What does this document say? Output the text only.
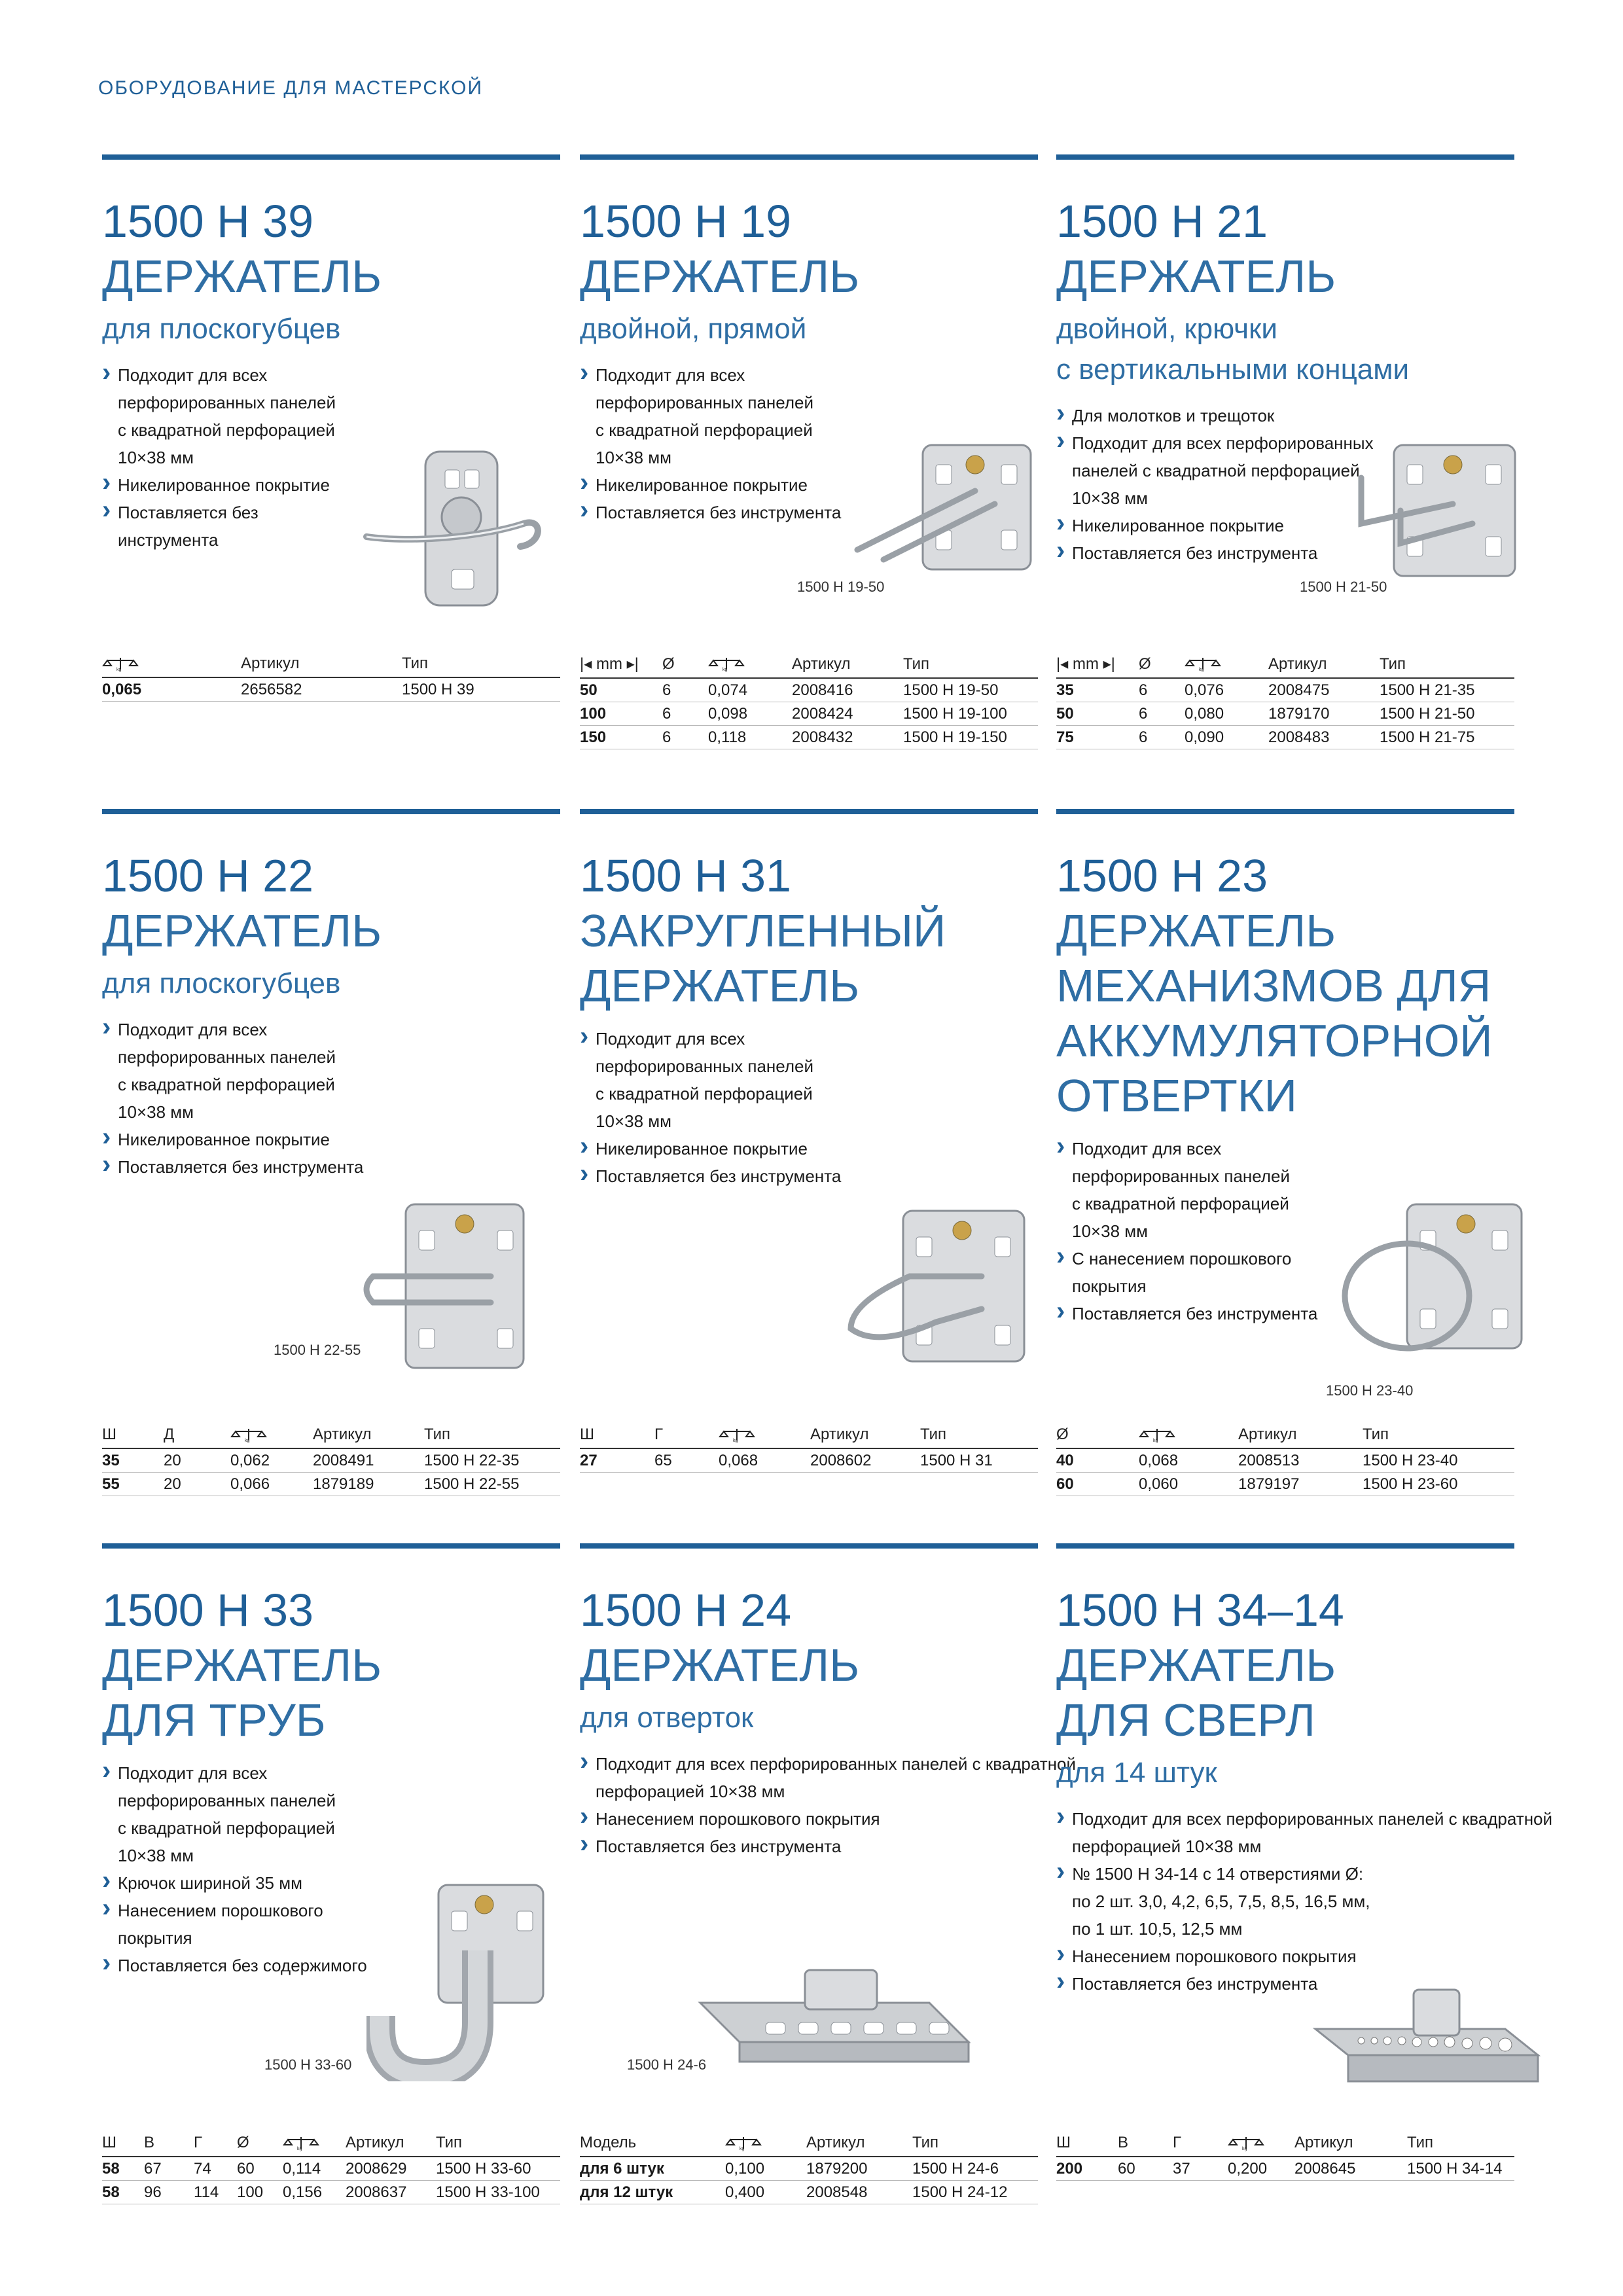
ОБОРУДОВАНИЕ ДЛЯ МАСТЕРСКОЙ
1500 H 39
ДЕРЖАТЕЛЬ
для плоскогубцев
› Подходит для всех
перфорированных панелей
с квадратной перфорацией
10×38 мм
› Никелированное покрытие
› Поставляется без
инструмента
1500 H 19
ДЕРЖАТЕЛЬ
двойной, прямой
› Подходит для всех
перфорированных панелей
с квадратной перфорацией
10×38 мм
› Никелированное покрытие
› Поставляется без инструмента
1500 H 21
ДЕРЖАТЕЛЬ
двойной, крючки
с вертикальными концами
› Для молотков и трещоток
› Подходит для всех перфорированных
панелей с квадратной перфорацией
10×38 мм
› Никелированное покрытие
› Поставляется без инструмента
1500 H 22
ДЕРЖАТЕЛЬ
для плоскогубцев
› Подходит для всех
перфорированных панелей
с квадратной перфорацией
10×38 мм
› Никелированное покрытие
› Поставляется без инструмента
1500 H 31
ЗАКРУГЛЕННЫЙ
ДЕРЖАТЕЛЬ
› Подходит для всех
перфорированных панелей
с квадратной перфорацией
10×38 мм
› Никелированное покрытие
› Поставляется без инструмента
1500 H 23
ДЕРЖАТЕЛЬ
МЕХАНИЗМОВ ДЛЯ
АККУМУЛЯТОРНОЙ
ОТВЕРТКИ
› Подходит для всех
перфорированных панелей
с квадратной перфорацией
10×38 мм
› С нанесением порошкового
покрытия
› Поставляется без инструмента
1500 H 33
ДЕРЖАТЕЛЬ
ДЛЯ ТРУБ
› Подходит для всех
перфорированных панелей
с квадратной перфорацией
10×38 мм
› Крючок шириной 35 мм
› Нанесением порошкового
покрытия
› Поставляется без содержимого
1500 H 24
ДЕРЖАТЕЛЬ
для отверток
› Подходит для всех перфорированных панелей с квадратной
перфорацией 10×38 мм
› Нанесением порошкового покрытия
› Поставляется без инструмента
1500 H 34–14
ДЕРЖАТЕЛЬ
ДЛЯ СВЕРЛ
для 14 штук
› Подходит для всех перфорированных панелей с квадратной
перфорацией 10×38 мм
› № 1500 H 34-14 с 14 отверстиями Ø:
по 2 шт. 3,0, 4,2, 6,5, 7,5, 8,5, 16,5 мм,
по 1 шт. 10,5, 12,5 мм
› Нанесением порошкового покрытия
› Поставляется без инструмента
1500 H 19-50	1500 H 21-50
1500 H 22-55
1500 H 23-40
1500 H 33-60	1500 H 24-6
kg	Артикул	Тип
0,065	2656582	1500 H 39
|◂ mm ▸|	Ø	kg	Артикул	Тип
50	6	0,074	2008416	1500 H 19-50
100	6	0,098	2008424	1500 H 19-100
150	6	0,118	2008432	1500 H 19-150
|◂ mm ▸|	Ø	kg	Артикул	Тип
35	6	0,076	2008475	1500 H 21-35
50	6	0,080	1879170	1500 H 21-50
75	6	0,090	2008483	1500 H 21-75
Ш	Д	kg	Артикул	Тип
35	20	0,062	2008491	1500 H 22-35
55	20	0,066	1879189	1500 H 22-55
Ш	Г	kg	Артикул	Тип
27	65	0,068	2008602	1500 H 31
Ø	kg	Артикул	Тип
40	0,068	2008513	1500 H 23-40
60	0,060	1879197	1500 H 23-60
Ш	В	Г	Ø	kg	Артикул	Тип
58	67	74	60	0,114	2008629	1500 H 33-60
58	96	114	100	0,156	2008637	1500 H 33-100
Модель	kg	Артикул	Тип
для 6 штук	0,100	1879200	1500 H 24-6
для 12 штук	0,400	2008548	1500 H 24-12
Ш	В	Г	kg	Артикул	Тип
200	60	37	0,200	2008645	1500 H 34-14
